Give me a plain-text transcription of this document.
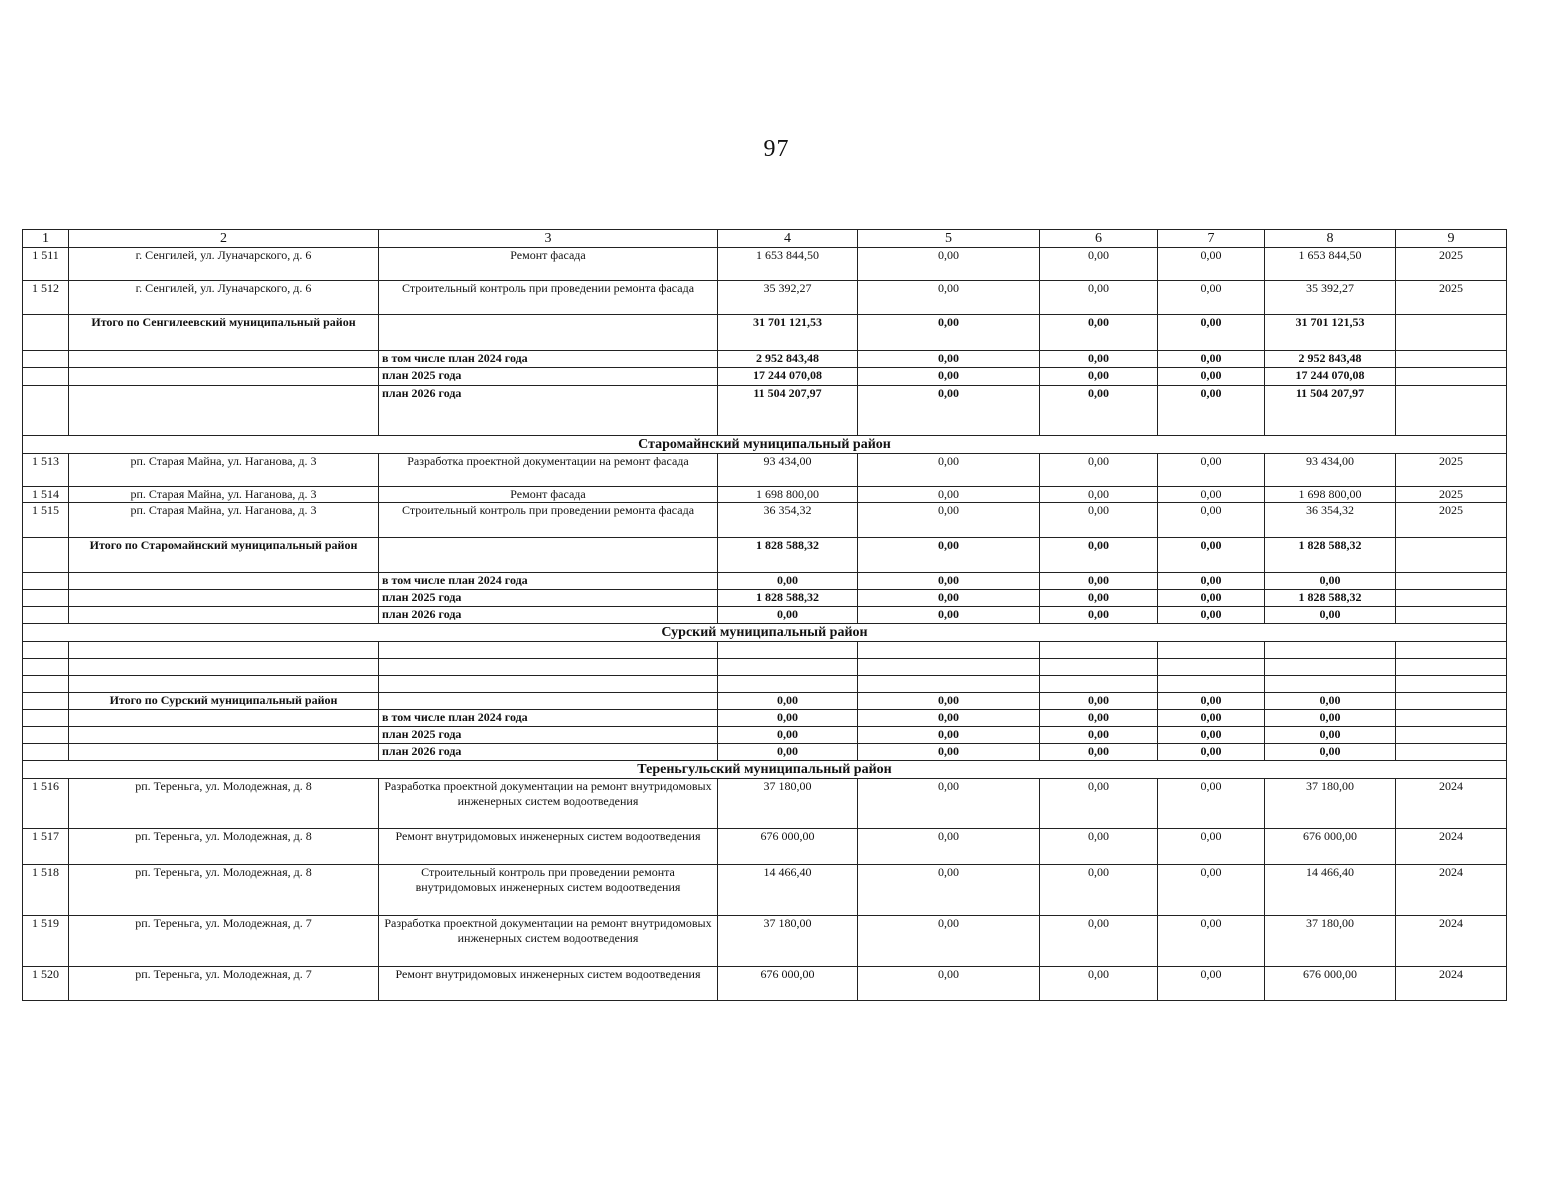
97
1	2	3	4	5	6	7	8	9
1 511	г. Сенгилей, ул. Луначарского, д. 6	Ремонт фасада	1 653 844,50	0,00	0,00	0,00	1 653 844,50	2025
1 512	г. Сенгилей, ул. Луначарского, д. 6	Строительный контроль при проведении ремонта фасада	35 392,27	0,00	0,00	0,00	35 392,27	2025
	Итого по Сенгилеевский муниципальный район		31 701 121,53	0,00	0,00	0,00	31 701 121,53	
		в том числе план 2024 года	2 952 843,48	0,00	0,00	0,00	2 952 843,48	
		план 2025 года	17 244 070,08	0,00	0,00	0,00	17 244 070,08	
		план 2026 года	11 504 207,97	0,00	0,00	0,00	11 504 207,97	
Старомайнский муниципальный район								
1 513	рп. Старая Майна, ул. Наганова, д. 3	Разработка проектной документации на ремонт фасада	93 434,00	0,00	0,00	0,00	93 434,00	2025
1 514	рп. Старая Майна, ул. Наганова, д. 3	Ремонт фасада	1 698 800,00	0,00	0,00	0,00	1 698 800,00	2025
1 515	рп. Старая Майна, ул. Наганова, д. 3	Строительный контроль при проведении ремонта фасада	36 354,32	0,00	0,00	0,00	36 354,32	2025
	Итого по Старомайнский муниципальный район		1 828 588,32	0,00	0,00	0,00	1 828 588,32	
		в том числе план 2024 года	0,00	0,00	0,00	0,00	0,00	
		план 2025 года	1 828 588,32	0,00	0,00	0,00	1 828 588,32	
		план 2026 года	0,00	0,00	0,00	0,00	0,00	
Сурский муниципальный район								

	Итого по Сурский муниципальный район		0,00	0,00	0,00	0,00	0,00	
		в том числе план 2024 года	0,00	0,00	0,00	0,00	0,00	
		план 2025 года	0,00	0,00	0,00	0,00	0,00	
		план 2026 года	0,00	0,00	0,00	0,00	0,00	
Тереньгульский муниципальный район								
1 516	рп. Тереньга, ул. Молодежная, д. 8	Разработка проектной документации на ремонт внутридомовых инженерных систем водоотведения	37 180,00	0,00	0,00	0,00	37 180,00	2024
1 517	рп. Тереньга, ул. Молодежная, д. 8	Ремонт внутридомовых инженерных систем водоотведения	676 000,00	0,00	0,00	0,00	676 000,00	2024
1 518	рп. Тереньга, ул. Молодежная, д. 8	Строительный контроль при проведении ремонта внутридомовых инженерных систем водоотведения	14 466,40	0,00	0,00	0,00	14 466,40	2024
1 519	рп. Тереньга, ул. Молодежная, д. 7	Разработка проектной документации на ремонт внутридомовых инженерных систем водоотведения	37 180,00	0,00	0,00	0,00	37 180,00	2024
1 520	рп. Тереньга, ул. Молодежная, д. 7	Ремонт внутридомовых инженерных систем водоотведения	676 000,00	0,00	0,00	0,00	676 000,00	2024
